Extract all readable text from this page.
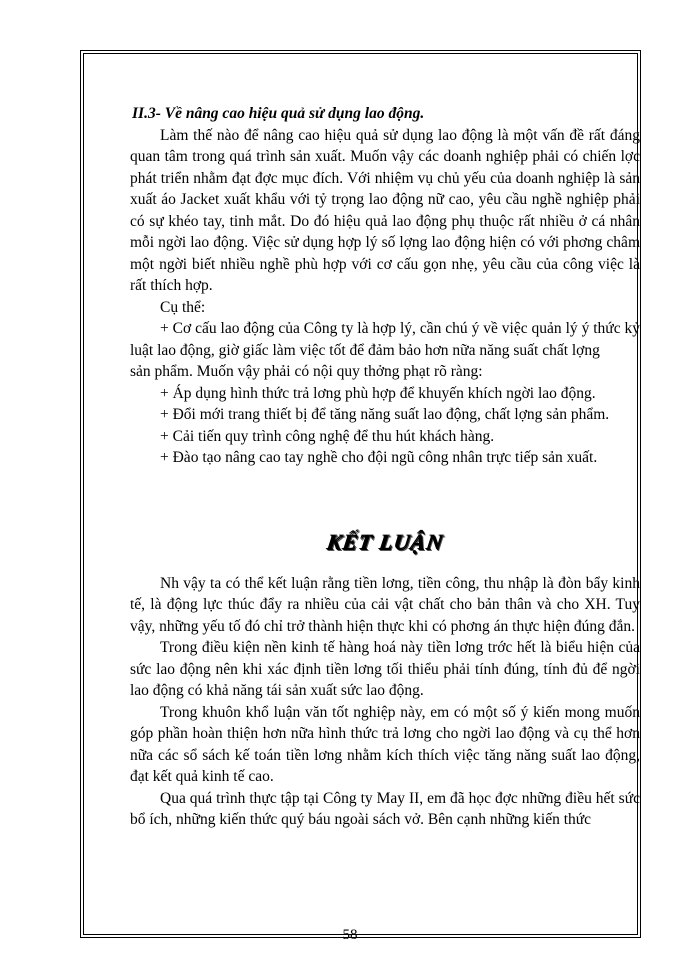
II.3- Về nâng cao hiệu quả sử dụng lao động.

Làm thế nào để nâng cao hiệu quả sử dụng lao động là một vấn đề rất đáng quan tâm trong quá trình sản xuất. Muốn vậy các doanh nghiệp phải có chiến lợc phát triển nhằm đạt đợc mục đích. Với nhiệm vụ chủ yếu của doanh nghiệp là sản xuất áo Jacket xuất khẩu với tỷ trọng lao động nữ cao, yêu cầu nghề nghiệp phải có sự khéo tay, tinh mắt. Do đó hiệu quả lao động phụ thuộc rất nhiều ở cá nhân mỗi ngời lao động. Việc sử dụng hợp lý số lợng lao động hiện có với phơng châm một ngời biết nhiều nghề phù hợp với cơ cấu gọn nhẹ, yêu cầu của công việc là rất thích hợp.

Cụ thể:

+ Cơ cấu lao động của Công ty là hợp lý, cần chú ý về việc quản lý ý thức kỷ luật lao động, giờ giấc làm việc tốt để đảm bảo hơn nữa năng suất chất lợng

sản phẩm. Muốn vậy phải có nội quy thởng phạt rõ ràng:

+ Áp dụng hình thức trả lơng phù hợp để khuyến khích ngời lao động.

+ Đổi mới trang thiết bị để tăng năng suất lao động, chất lợng sản phẩm.

+ Cải tiến quy trình công nghệ để thu hút khách hàng.

+ Đào tạo nâng cao tay nghề cho đội ngũ công nhân trực tiếp sản xuất.

KẾT LUẬN

Nh vậy ta có thể kết luận rằng tiền lơng, tiền công, thu nhập là đòn bẩy kinh tế, là động lực thúc đẩy ra nhiều của cải vật chất cho bản thân và cho XH. Tuy vậy, những yếu tố đó chỉ trở thành hiện thực khi có phơng án thực hiện đúng đắn.

Trong điều kiện nền kinh tế hàng hoá này tiền lơng trớc hết là biểu hiện của sức lao động nên khi xác định tiền lơng tối thiểu phải tính đúng, tính đủ để ngời lao động có khả năng tái sản xuất sức lao động.

Trong khuôn khổ luận văn tốt nghiệp này, em có một số ý kiến mong muốn góp phần hoàn thiện hơn nữa hình thức trả lơng cho ngời lao động và cụ thể hơn nữa các sổ sách kế toán tiền lơng nhằm kích thích việc tăng năng suất lao động, đạt kết quả kinh tế cao.

Qua quá trình thực tập tại Công ty May II, em đã học đợc những điều hết sức bổ ích, những kiến thức quý báu ngoài sách vở. Bên cạnh những kiến thức

58
